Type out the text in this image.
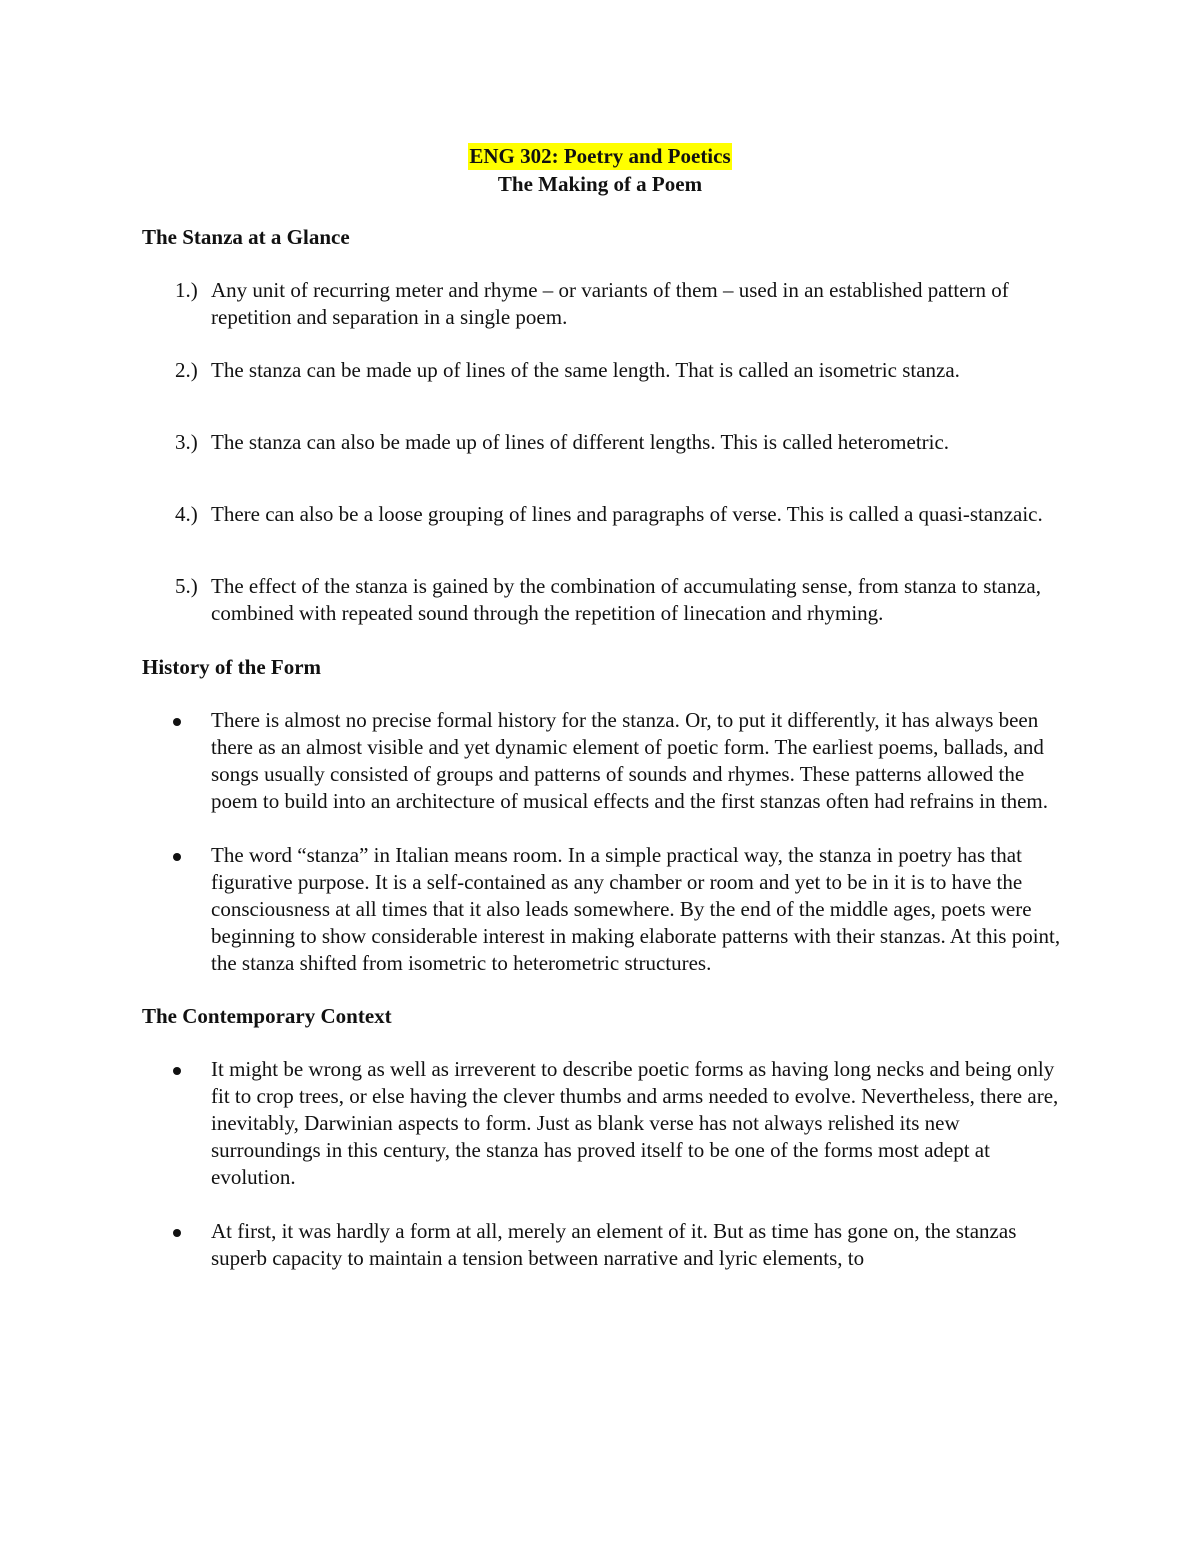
ENG 302: Poetry and Poetics
The Making of a Poem
The Stanza at a Glance
1.) Any unit of recurring meter and rhyme – or variants of them – used in an established pattern of repetition and separation in a single poem.
2.) The stanza can be made up of lines of the same length. That is called an isometric stanza.
3.) The stanza can also be made up of lines of different lengths. This is called heterometric.
4.) There can also be a loose grouping of lines and paragraphs of verse. This is called a quasi-stanzaic.
5.) The effect of the stanza is gained by the combination of accumulating sense, from stanza to stanza, combined with repeated sound through the repetition of linecation and rhyming.
History of the Form
There is almost no precise formal history for the stanza. Or, to put it differently, it has always been there as an almost visible and yet dynamic element of poetic form. The earliest poems, ballads, and songs usually consisted of groups and patterns of sounds and rhymes. These patterns allowed the poem to build into an architecture of musical effects and the first stanzas often had refrains in them.
The word “stanza” in Italian means room. In a simple practical way, the stanza in poetry has that figurative purpose. It is a self-contained as any chamber or room and yet to be in it is to have the consciousness at all times that it also leads somewhere. By the end of the middle ages, poets were beginning to show considerable interest in making elaborate patterns with their stanzas. At this point, the stanza shifted from isometric to heterometric structures.
The Contemporary Context
It might be wrong as well as irreverent to describe poetic forms as having long necks and being only fit to crop trees, or else having the clever thumbs and arms needed to evolve. Nevertheless, there are, inevitably, Darwinian aspects to form. Just as blank verse has not always relished its new surroundings in this century, the stanza has proved itself to be one of the forms most adept at evolution.
At first, it was hardly a form at all, merely an element of it. But as time has gone on, the stanzas superb capacity to maintain a tension between narrative and lyric elements, to
